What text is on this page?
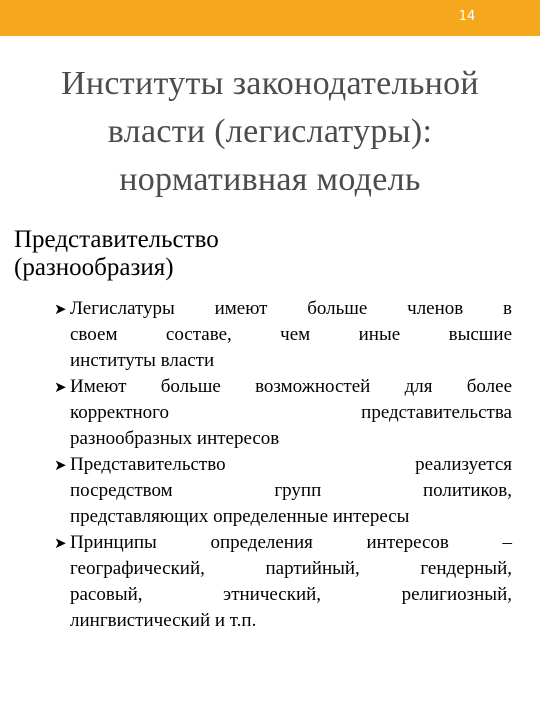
14
Институты законодательной
власти (легислатуры):
нормативная модель
Представительство
(разнообразия)
➤ Легислатуры имеют больше членов в
своем составе, чем иные высшие
институты власти
➤ Имеют больше возможностей для более
корректного представительства
разнообразных интересов
➤ Представительство реализуется
посредством групп политиков,
представляющих определенные интересы
➤ Принципы определения интересов –
географический, партийный, гендерный,
расовый, этнический, религиозный,
лингвистический и т.п.
